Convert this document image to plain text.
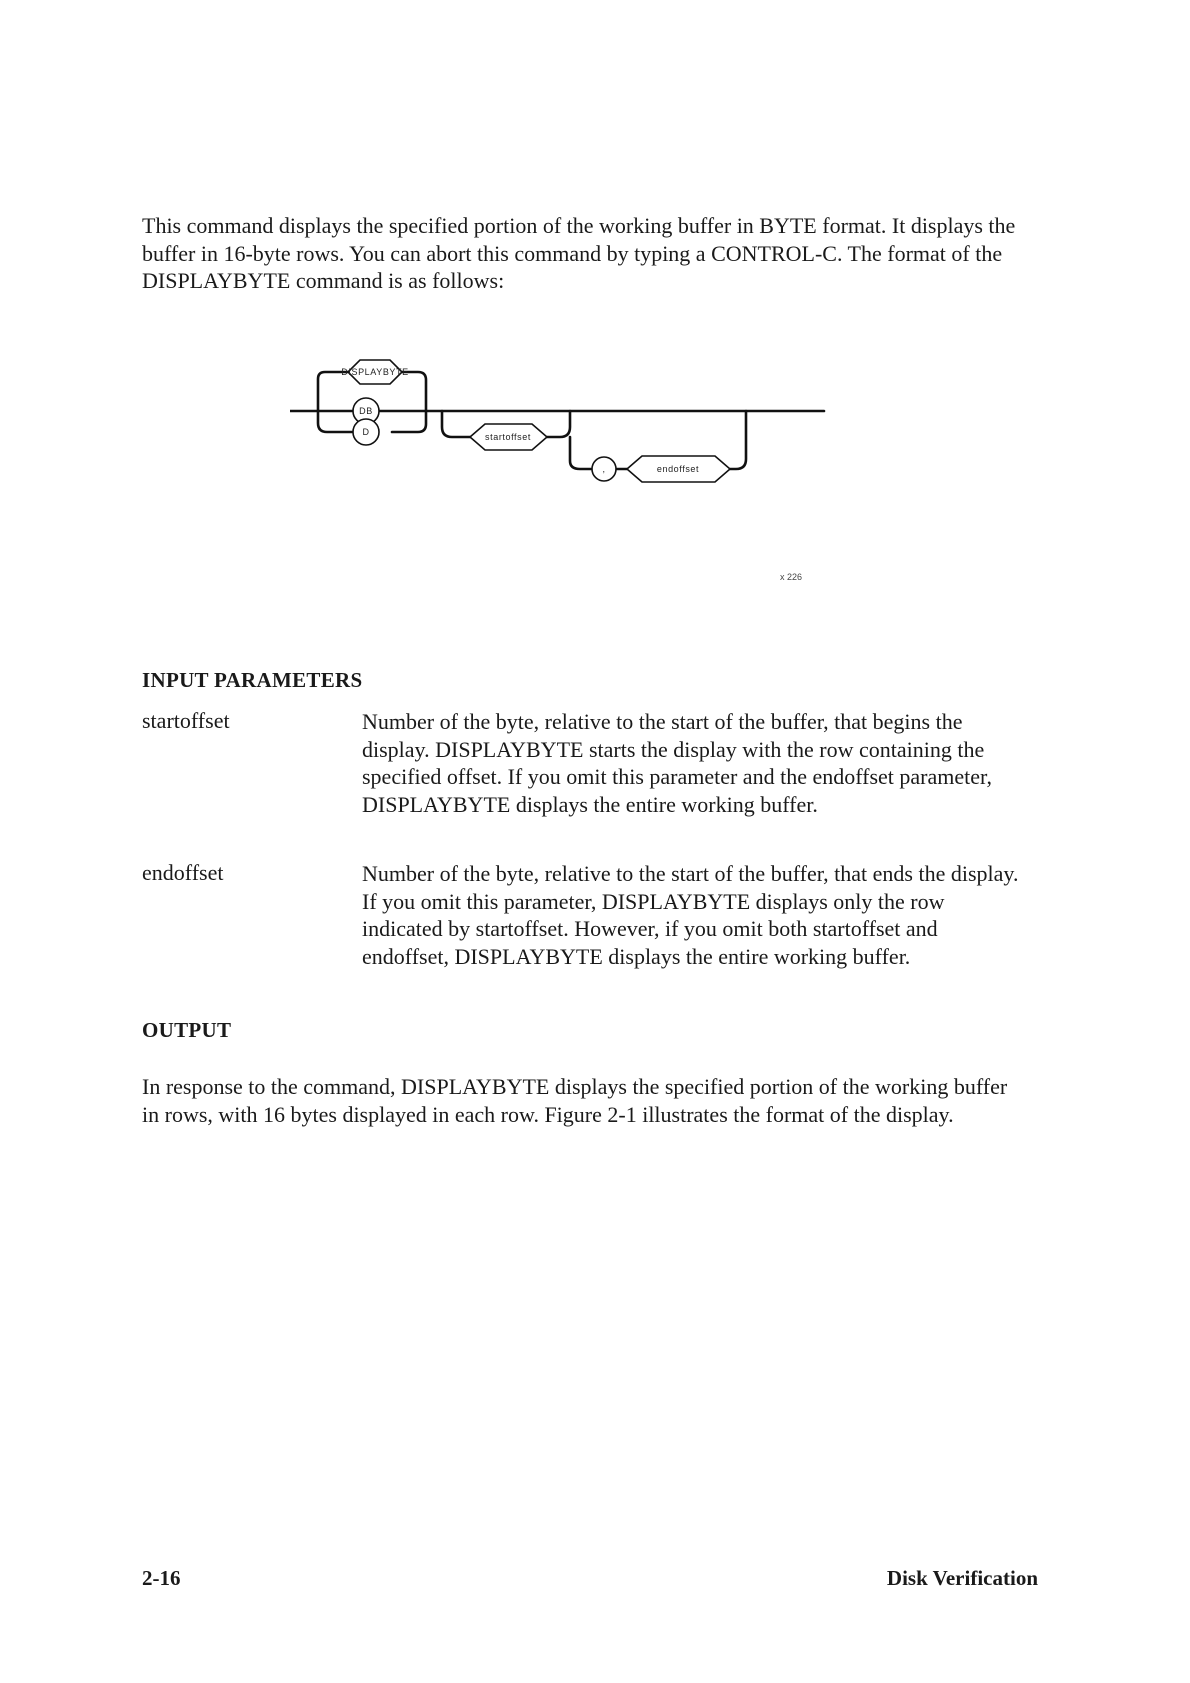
This command displays the specified portion of the working buffer in BYTE format. It displays the buffer in 16-byte rows. You can abort this command by typing a CONTROL-C. The format of the DISPLAYBYTE command is as follows:

DISPLAYBYTE
DB
D	startoffset
,	endoffset
x 226

INPUT PARAMETERS

startoffset	Number of the byte, relative to the start of the buffer, that begins the display. DISPLAYBYTE starts the display with the row containing the specified offset. If you omit this parameter and the endoffset parameter, DISPLAYBYTE displays the entire working buffer.

endoffset	Number of the byte, relative to the start of the buffer, that ends the display. If you omit this parameter, DISPLAYBYTE displays only the row indicated by startoffset. However, if you omit both startoffset and endoffset, DISPLAYBYTE displays the entire working buffer.

OUTPUT

In response to the command, DISPLAYBYTE displays the specified portion of the working buffer in rows, with 16 bytes displayed in each row. Figure 2-1 illustrates the format of the display.

2-16	Disk Verification
